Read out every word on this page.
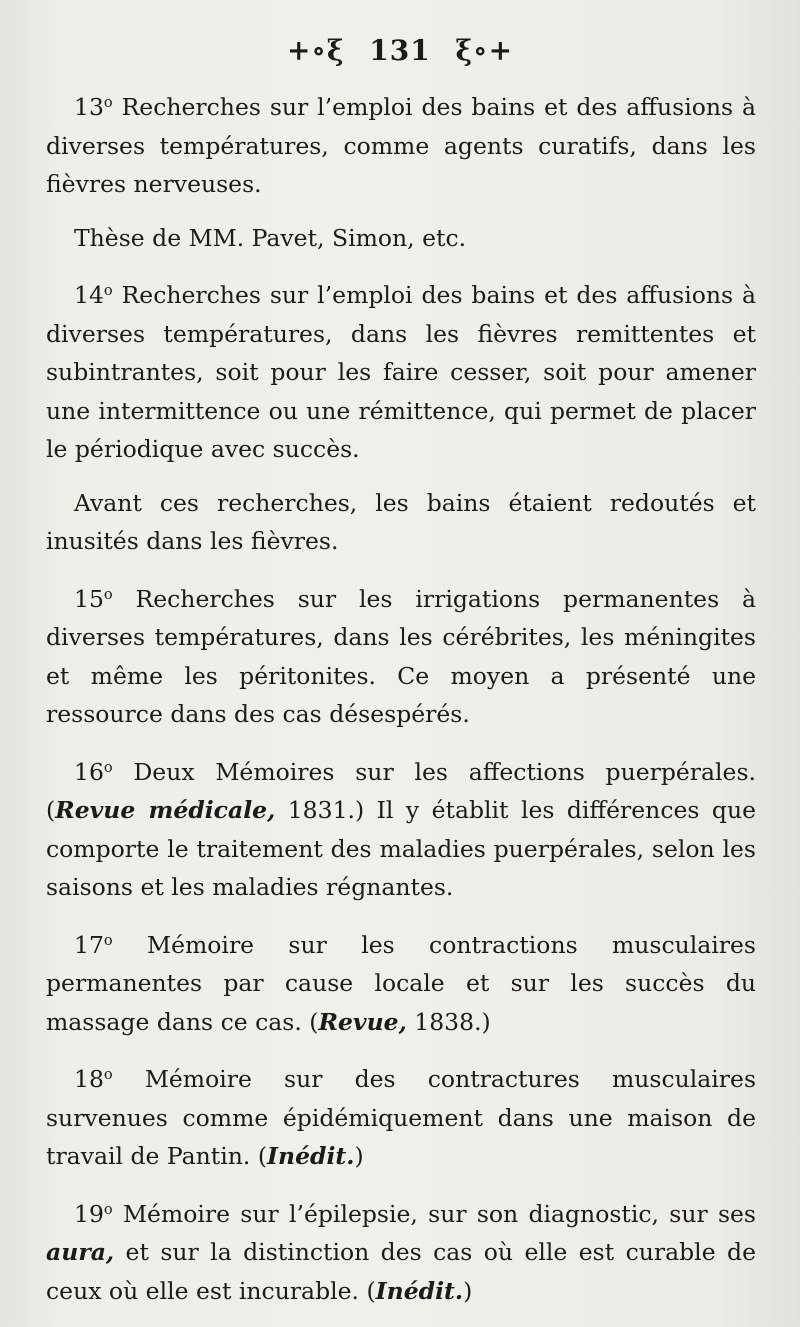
+∘ξ 131 ξ∘+

13$^o$ Recherches sur l’emploi des bains et des affusions à diverses températures, comme agents curatifs, dans les fièvres nerveuses.

Thèse de MM. Pavet, Simon, etc.

14$^o$ Recherches sur l’emploi des bains et des affusions à diverses températures, dans les fièvres remittentes et subintrantes, soit pour les faire cesser, soit pour amener une intermittence ou une rémittence, qui permet de placer le périodique avec succès.

Avant ces recherches, les bains étaient redoutés et inusités dans les fièvres.

15$^o$ Recherches sur les irrigations permanentes à diverses températures, dans les cérébrites, les méningites et même les péritonites. Ce moyen a présenté une ressource dans des cas désespérés.

16$^o$ Deux Mémoires sur les affections puerpérales. (Revue médicale, 1831.) Il y établit les différences que comporte le traitement des maladies puerpérales, selon les saisons et les maladies régnantes.

17$^o$ Mémoire sur les contractions musculaires permanentes par cause locale et sur les succès du massage dans ce cas. (Revue, 1838.)

18$^o$ Mémoire sur des contractures musculaires survenues comme épidémiquement dans une maison de travail de Pantin. (Inédit.)

19$^o$ Mémoire sur l’épilepsie, sur son diagnostic, sur ses aura, et sur la distinction des cas où elle est curable de ceux où elle est incurable. (Inédit.)
